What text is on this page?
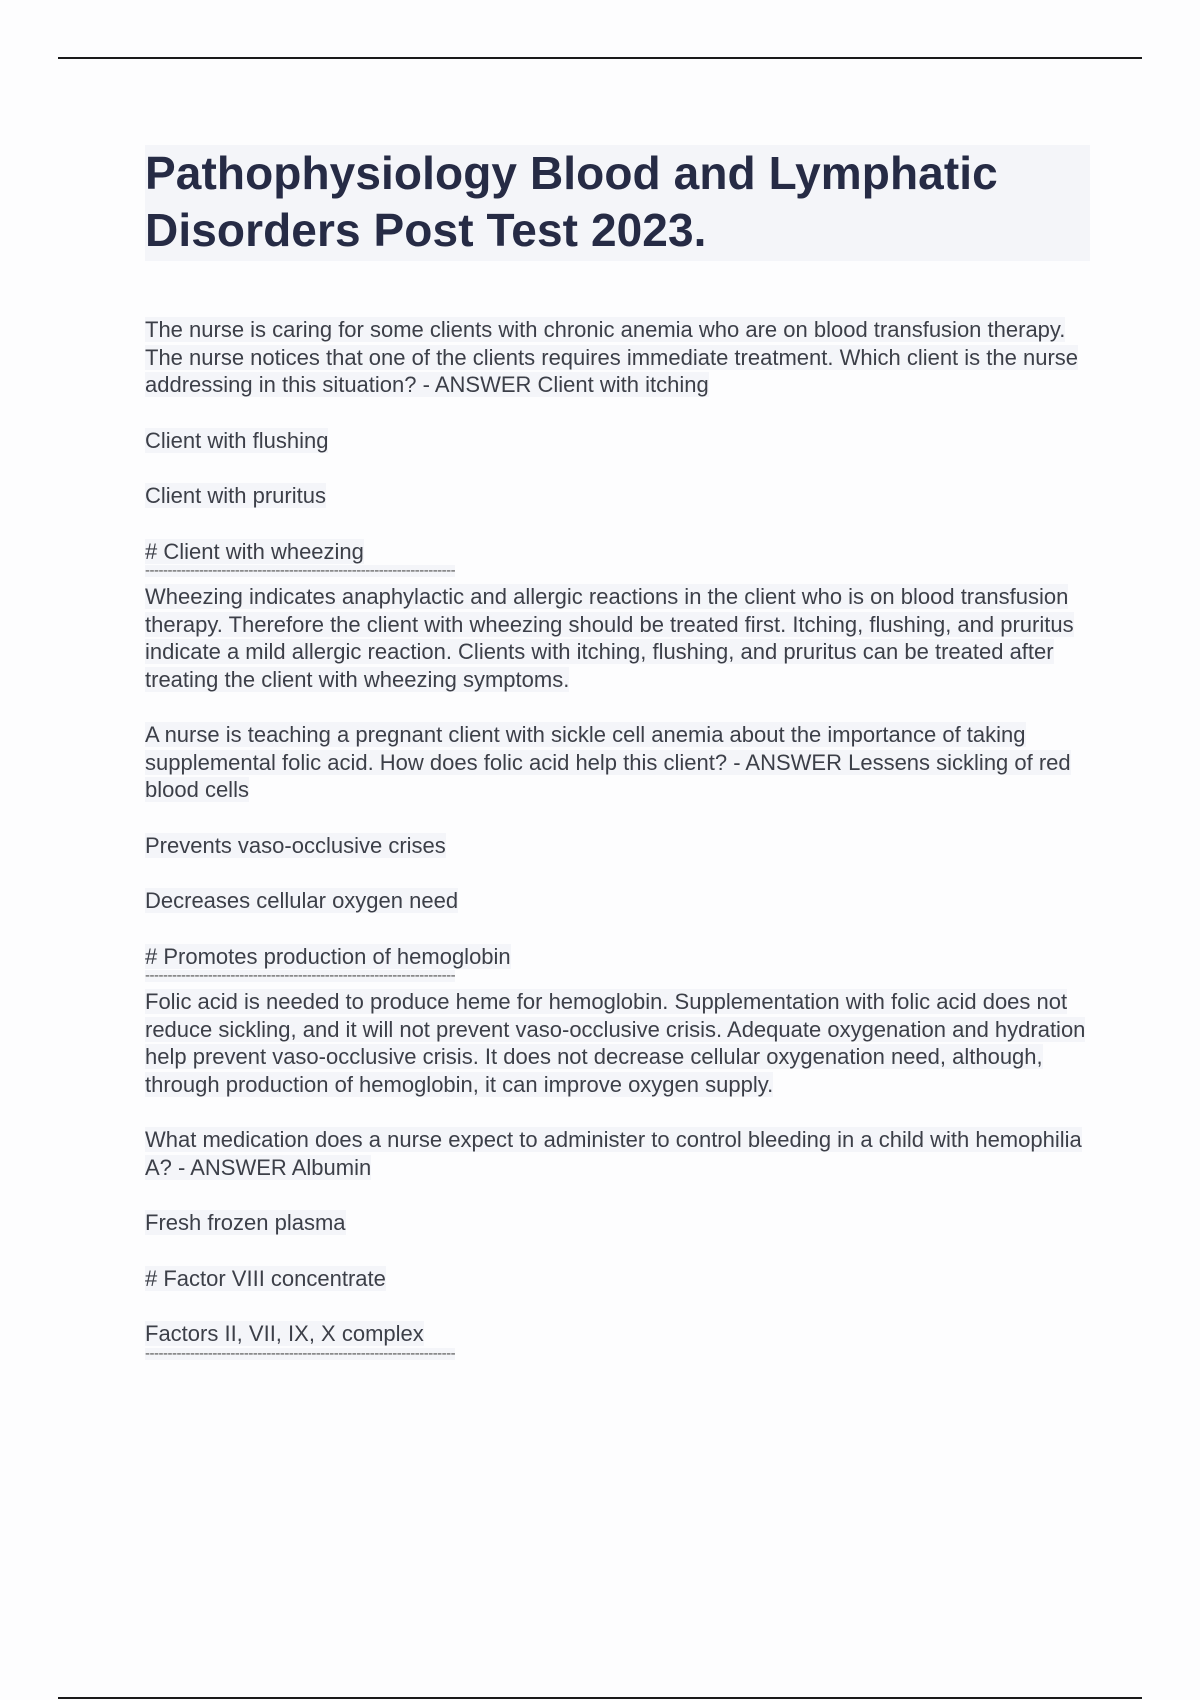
Pathophysiology Blood and Lymphatic Disorders Post Test 2023.

The nurse is caring for some clients with chronic anemia who are on blood transfusion therapy. The nurse notices that one of the clients requires immediate treatment. Which client is the nurse addressing in this situation? - ANSWER Client with itching

Client with flushing

Client with pruritus

# Client with wheezing

---------------------------------------------------------------------

Wheezing indicates anaphylactic and allergic reactions in the client who is on blood transfusion therapy. Therefore the client with wheezing should be treated first. Itching, flushing, and pruritus indicate a mild allergic reaction. Clients with itching, flushing, and pruritus can be treated after treating the client with wheezing symptoms.

A nurse is teaching a pregnant client with sickle cell anemia about the importance of taking supplemental folic acid. How does folic acid help this client? - ANSWER Lessens sickling of red blood cells

Prevents vaso-occlusive crises

Decreases cellular oxygen need

# Promotes production of hemoglobin

---------------------------------------------------------------------

Folic acid is needed to produce heme for hemoglobin. Supplementation with folic acid does not reduce sickling, and it will not prevent vaso-occlusive crisis. Adequate oxygenation and hydration help prevent vaso-occlusive crisis. It does not decrease cellular oxygenation need, although, through production of hemoglobin, it can improve oxygen supply.

What medication does a nurse expect to administer to control bleeding in a child with hemophilia A? - ANSWER Albumin

Fresh frozen plasma

# Factor VIII concentrate

Factors II, VII, IX, X complex

---------------------------------------------------------------------
